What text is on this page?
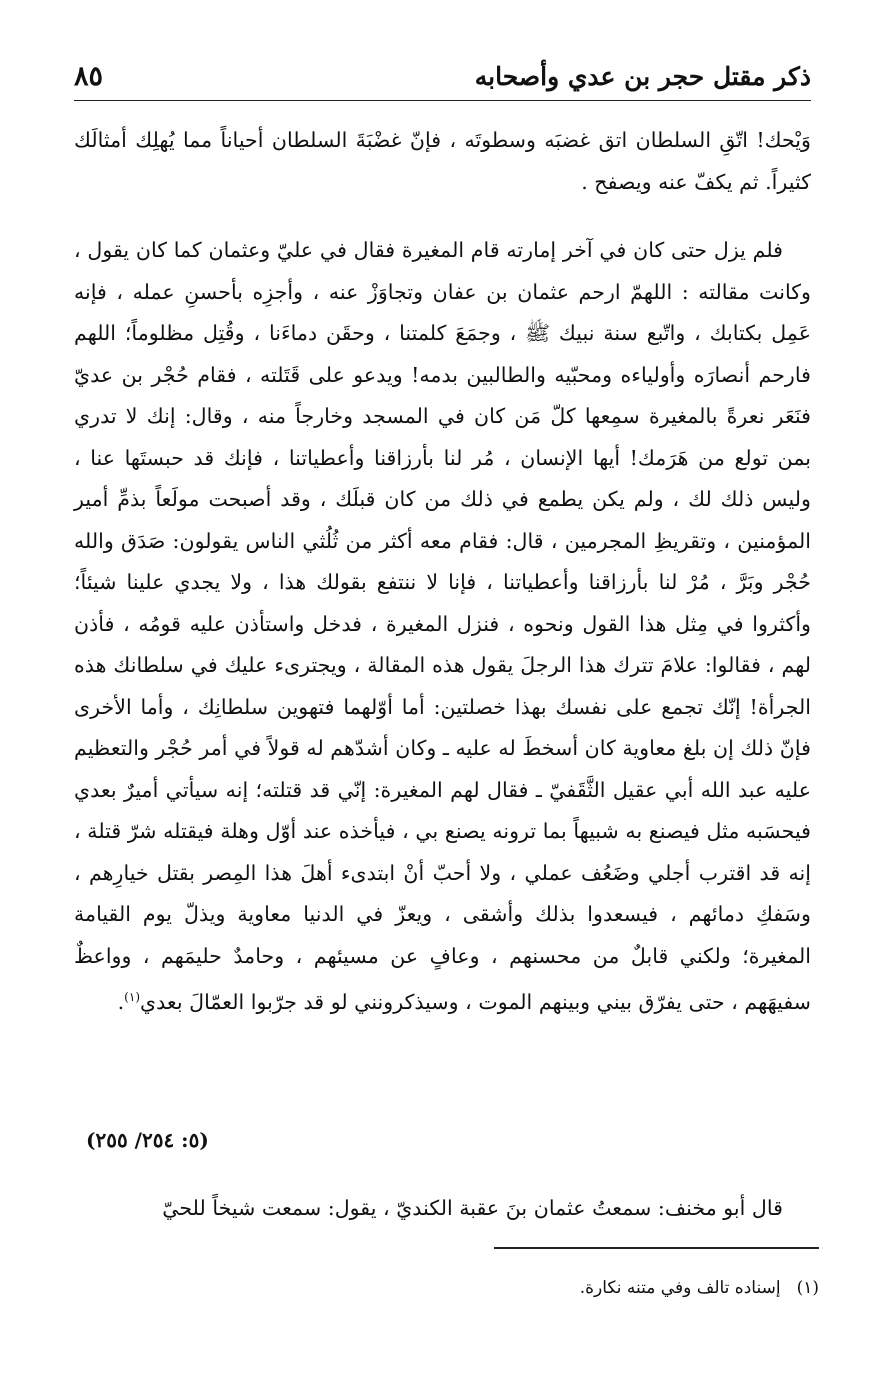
ذكر مقتل حجر بن عدي وأصحابه
٨٥
وَيْحك! اتّقِ السلطان اتق غضبَه وسطوتَه ، فإنّ غضْبَةَ السلطان أحياناً مما يُهلِك أمثالَك كثيراً. ثم يكفّ عنه ويصفح .
فلم يزل حتى كان في آخر إمارته قام المغيرة فقال في عليّ وعثمان كما كان يقول ، وكانت مقالته : اللهمّ ارحم عثمان بن عفان وتجاوَزْ عنه ، وأجزِه بأحسنِ عمله ، فإنه عَمِل بكتابك ، واتّبع سنة نبيك ﷺ ، وجمَعَ كلمتنا ، وحقَن دماءَنا ، وقُتِل مظلوماً؛ اللهم فارحم أنصارَه وأولياءه ومحبّيه والطالبين بدمه! ويدعو على قَتَلته ، فقام حُجْر بن عديّ فنَعَر نعرةً بالمغيرة سمِعها كلّ مَن كان في المسجد وخارجاً منه ، وقال: إنك لا تدري بمن تولع من هَرَمك! أيها الإنسان ، مُر لنا بأرزاقنا وأعطياتنا ، فإنك قد حبستَها عنا ، وليس ذلك لك ، ولم يكن يطمع في ذلك من كان قبلَك ، وقد أصبحت مولَعاً بذمِّ أمير المؤمنين ، وتقريظِ المجرمين ، قال: فقام معه أكثر من ثُلُثي الناس يقولون: صَدَق والله حُجْر وبَرَّ ، مُرْ لنا بأرزاقنا وأعطياتنا ، فإنا لا ننتفع بقولك هذا ، ولا يجدي علينا شيئاً؛ وأكثروا في مِثل هذا القول ونحوه ، فنزل المغيرة ، فدخل واستأذن عليه قومُه ، فأذن لهم ، فقالوا: علامَ تترك هذا الرجلَ يقول هذه المقالة ، ويجترىء عليك في سلطانك هذه الجرأة! إنّك تجمع على نفسك بهذا خصلتين: أما أوّلهما فتهوين سلطانِك ، وأما الأخرى فإنّ ذلك إن بلغ معاوية كان أسخطَ له عليه ـ وكان أشدّهم له قولاً في أمر حُجْر والتعظيم عليه عبد الله أبي عقيل الثَّقَفيّ ـ فقال لهم المغيرة: إنّي قد قتلته؛ إنه سيأتي أميرٌ بعدي فيحسَبه مثل فيصنع به شبيهاً بما ترونه يصنع بي ، فيأخذه عند أوّل وهلة فيقتله شرّ قتلة ، إنه قد اقترب أجلي وضَعُف عملي ، ولا أحبّ أنْ ابتدىء أهلَ هذا المِصر بقتل خيارِهم ، وسَفكِ دمائهم ، فيسعدوا بذلك وأشقى ، ويعزّ في الدنيا معاوية ويذلّ يوم القيامة المغيرة؛ ولكني قابلٌ من محسنهم ، وعافٍ عن مسيئهم ، وحامدٌ حليمَهم ، وواعظٌ سفيهَهم ، حتى يفرّق بيني وبينهم الموت ، وسيذكرونني لو قد جرّبوا العمّالَ بعدي$^{(١)}$.
(٥: ٢٥٤/ ٢٥٥)
قال أبو مخنف: سمعتُ عثمان بنَ عقبة الكنديّ ، يقول: سمعت شيخاً للحيّ
(١)إسناده تالف وفي متنه نكارة.
